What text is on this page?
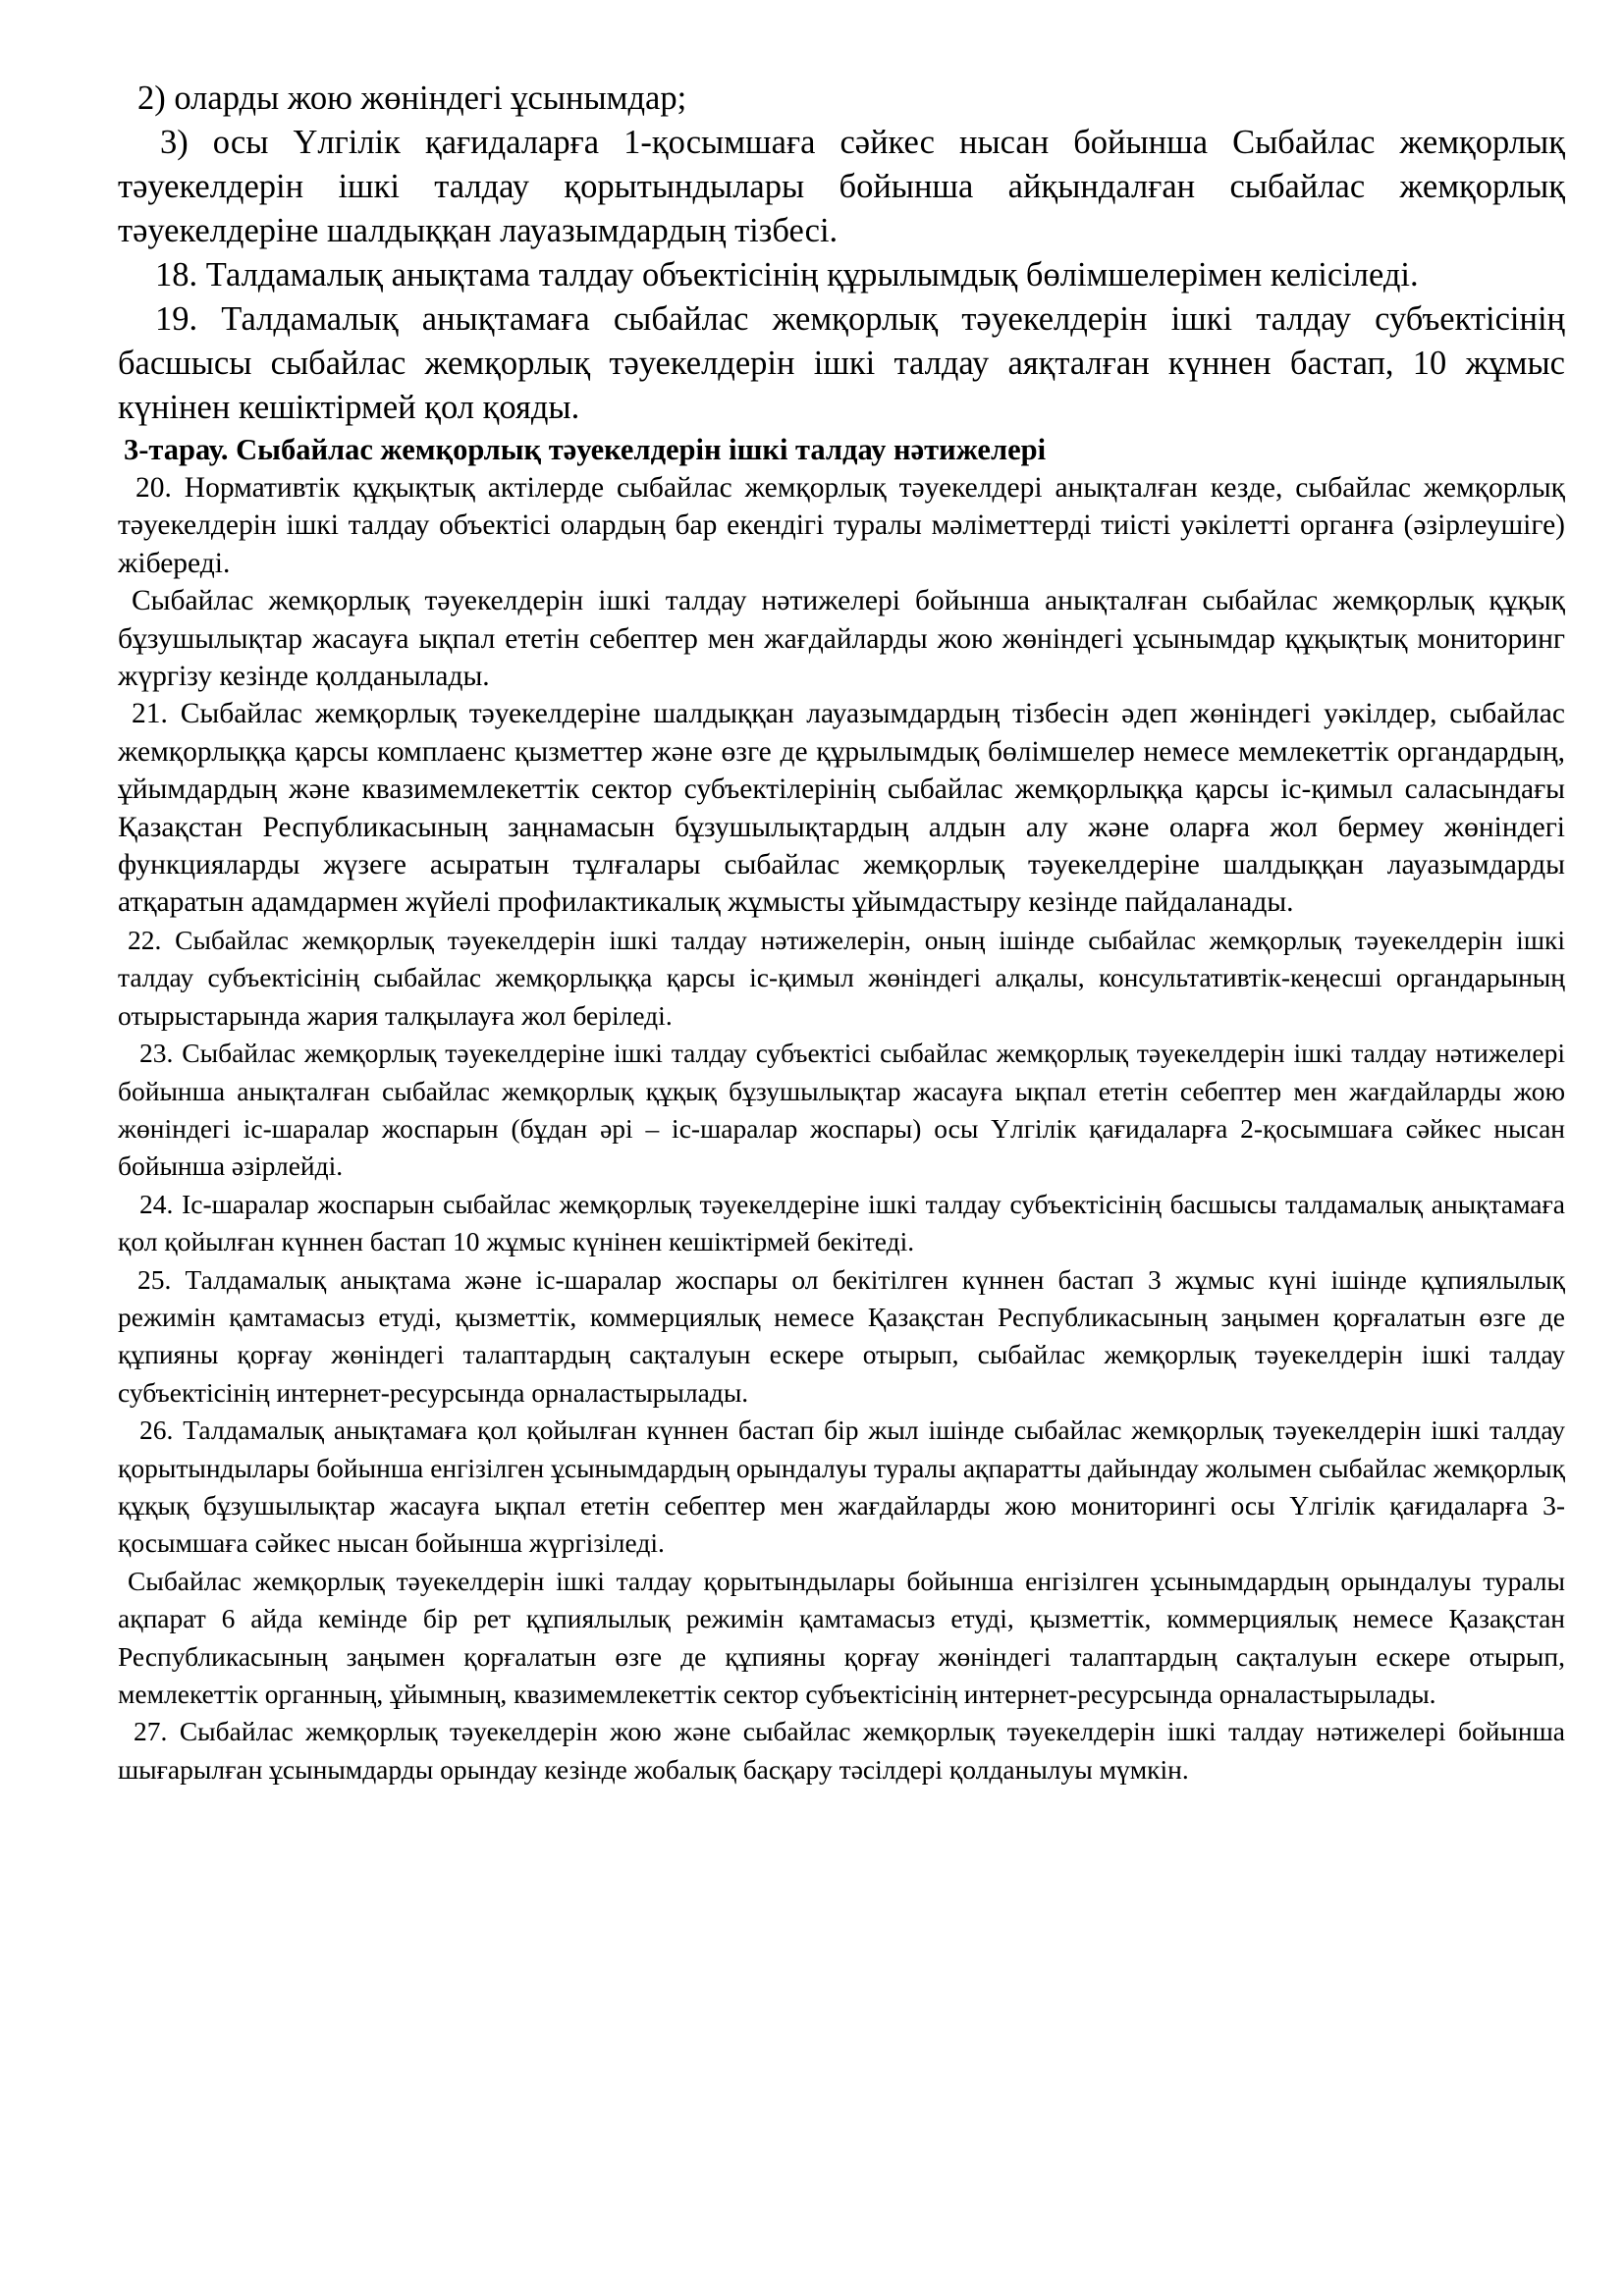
2) оларды жою жөніндегі ұсынымдар;

3) осы Үлгілік қағидаларға 1-қосымшаға сәйкес нысан бойынша Сыбайлас жемқорлық тәуекелдерін ішкі талдау қорытындылары бойынша айқындалған сыбайлас жемқорлық тәуекелдеріне шалдыққан лауазымдардың тізбесі.

18. Талдамалық анықтама талдау объектісінің құрылымдық бөлімшелерімен келісіледі.

19. Талдамалық анықтамаға сыбайлас жемқорлық тәуекелдерін ішкі талдау субъектісінің басшысы сыбайлас жемқорлық тәуекелдерін ішкі талдау аяқталған күннен бастап, 10 жұмыс күнінен кешіктірмей қол қояды.

3-тарау. Сыбайлас жемқорлық тәуекелдерін ішкі талдау нәтижелері

20. Нормативтік құқықтық актілерде сыбайлас жемқорлық тәуекелдері анықталған кезде, сыбайлас жемқорлық тәуекелдерін ішкі талдау объектісі олардың бар екендігі туралы мәліметтерді тиісті уәкілетті органға (әзірлеушіге) жібереді.

Сыбайлас жемқорлық тәуекелдерін ішкі талдау нәтижелері бойынша анықталған сыбайлас жемқорлық құқық бұзушылықтар жасауға ықпал ететін себептер мен жағдайларды жою жөніндегі ұсынымдар құқықтық мониторинг жүргізу кезінде қолданылады.

21. Сыбайлас жемқорлық тәуекелдеріне шалдыққан лауазымдардың тізбесін әдеп жөніндегі уәкілдер, сыбайлас жемқорлыққа қарсы комплаенс қызметтер және өзге де құрылымдық бөлімшелер немесе мемлекеттік органдардың, ұйымдардың және квазимемлекеттік сектор субъектілерінің сыбайлас жемқорлыққа қарсы іс-қимыл саласындағы Қазақстан Республикасының заңнамасын бұзушылықтардың алдын алу және оларға жол бермеу жөніндегі функцияларды жүзеге асыратын тұлғалары сыбайлас жемқорлық тәуекелдеріне шалдыққан лауазымдарды атқаратын адамдармен жүйелі профилактикалық жұмысты ұйымдастыру кезінде пайдаланады.

22. Сыбайлас жемқорлық тәуекелдерін ішкі талдау нәтижелерін, оның ішінде сыбайлас жемқорлық тәуекелдерін ішкі талдау субъектісінің сыбайлас жемқорлыққа қарсы іс-қимыл жөніндегі алқалы, консультативтік-кеңесші органдарының отырыстарында жария талқылауға жол беріледі.

23. Сыбайлас жемқорлық тәуекелдеріне ішкі талдау субъектісі сыбайлас жемқорлық тәуекелдерін ішкі талдау нәтижелері бойынша анықталған сыбайлас жемқорлық құқық бұзушылықтар жасауға ықпал ететін себептер мен жағдайларды жою жөніндегі іс-шаралар жоспарын (бұдан әрі – іс-шаралар жоспары) осы Үлгілік қағидаларға 2-қосымшаға сәйкес нысан бойынша әзірлейді.

24. Іс-шаралар жоспарын сыбайлас жемқорлық тәуекелдеріне ішкі талдау субъектісінің басшысы талдамалық анықтамаға қол қойылған күннен бастап 10 жұмыс күнінен кешіктірмей бекітеді.

25. Талдамалық анықтама және іс-шаралар жоспары ол бекітілген күннен бастап 3 жұмыс күні ішінде құпиялылық режимін қамтамасыз етуді, қызметтік, коммерциялық немесе Қазақстан Республикасының заңымен қорғалатын өзге де құпияны қорғау жөніндегі талаптардың сақталуын ескере отырып, сыбайлас жемқорлық тәуекелдерін ішкі талдау субъектісінің интернет-ресурсында орналастырылады.

26. Талдамалық анықтамаға қол қойылған күннен бастап бір жыл ішінде сыбайлас жемқорлық тәуекелдерін ішкі талдау қорытындылары бойынша енгізілген ұсынымдардың орындалуы туралы ақпаратты дайындау жолымен сыбайлас жемқорлық құқық бұзушылықтар жасауға ықпал ететін себептер мен жағдайларды жою мониторингі осы Үлгілік қағидаларға 3-қосымшаға сәйкес нысан бойынша жүргізіледі.

Сыбайлас жемқорлық тәуекелдерін ішкі талдау қорытындылары бойынша енгізілген ұсынымдардың орындалуы туралы ақпарат 6 айда кемінде бір рет құпиялылық режимін қамтамасыз етуді, қызметтік, коммерциялық немесе Қазақстан Республикасының заңымен қорғалатын өзге де құпияны қорғау жөніндегі талаптардың сақталуын ескере отырып, мемлекеттік органның, ұйымның, квазимемлекеттік сектор субъектісінің интернет-ресурсында орналастырылады.

27. Сыбайлас жемқорлық тәуекелдерін жою және сыбайлас жемқорлық тәуекелдерін ішкі талдау нәтижелері бойынша шығарылған ұсынымдарды орындау кезінде жобалық басқару тәсілдері қолданылуы мүмкін.
